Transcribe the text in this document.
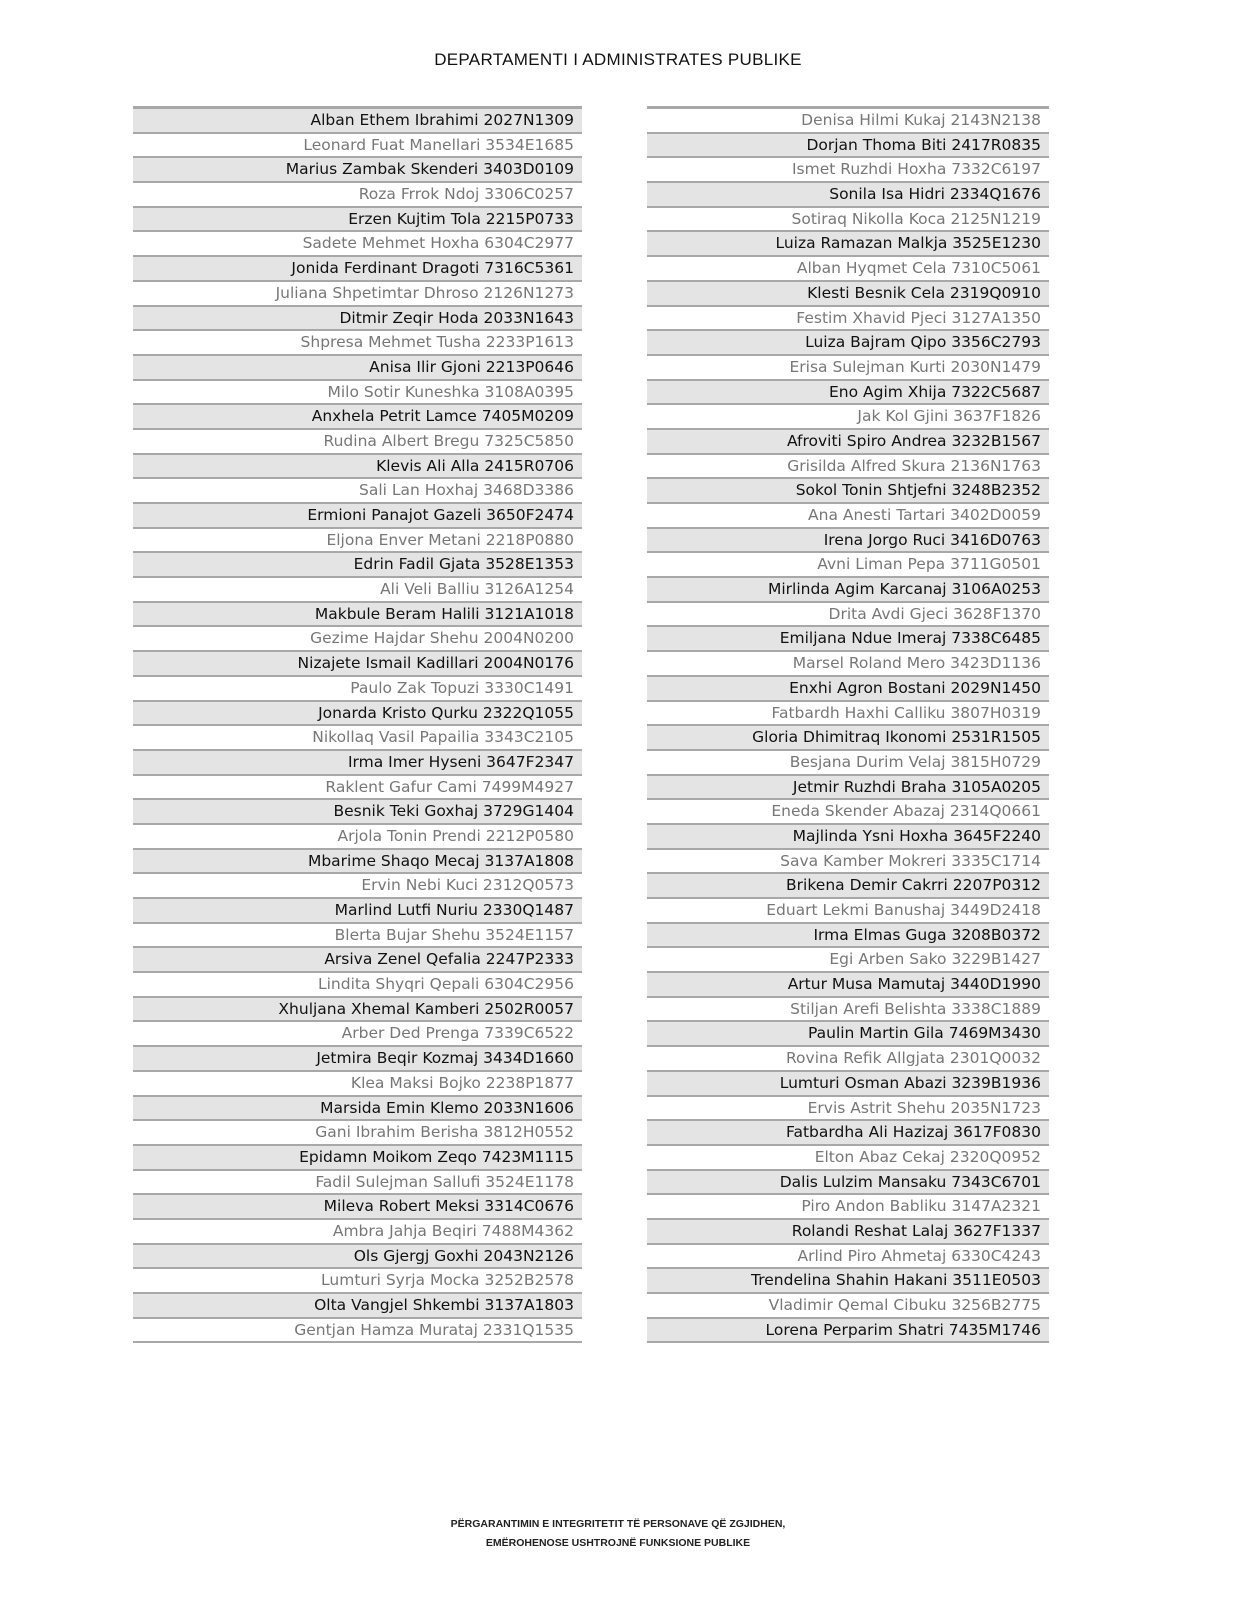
DEPARTAMENTI I ADMINISTRATES PUBLIKE
Alban Ethem Ibrahimi 2027N1309
Leonard Fuat Manellari 3534E1685
Marius Zambak Skenderi 3403D0109
Roza Frrok Ndoj 3306C0257
Erzen Kujtim Tola 2215P0733
Sadete Mehmet Hoxha 6304C2977
Jonida Ferdinant Dragoti 7316C5361
Juliana Shpetimtar Dhroso 2126N1273
Ditmir Zeqir Hoda 2033N1643
Shpresa Mehmet Tusha 2233P1613
Anisa Ilir Gjoni 2213P0646
Milo Sotir Kuneshka 3108A0395
Anxhela Petrit Lamce 7405M0209
Rudina Albert Bregu 7325C5850
Klevis Ali Alla 2415R0706
Sali Lan Hoxhaj 3468D3386
Ermioni Panajot Gazeli 3650F2474
Eljona Enver Metani 2218P0880
Edrin Fadil Gjata 3528E1353
Ali Veli Balliu 3126A1254
Makbule Beram Halili 3121A1018
Gezime Hajdar Shehu 2004N0200
Nizajete Ismail Kadillari 2004N0176
Paulo Zak Topuzi 3330C1491
Jonarda Kristo Qurku 2322Q1055
Nikollaq Vasil Papailia 3343C2105
Irma Imer Hyseni 3647F2347
Raklent Gafur Cami 7499M4927
Besnik Teki Goxhaj 3729G1404
Arjola Tonin Prendi 2212P0580
Mbarime Shaqo Mecaj 3137A1808
Ervin Nebi Kuci 2312Q0573
Marlind Lutfi Nuriu 2330Q1487
Blerta Bujar Shehu 3524E1157
Arsiva Zenel Qefalia 2247P2333
Lindita Shyqri Qepali 6304C2956
Xhuljana Xhemal Kamberi 2502R0057
Arber Ded Prenga 7339C6522
Jetmira Beqir Kozmaj 3434D1660
Klea Maksi Bojko 2238P1877
Marsida Emin Klemo 2033N1606
Gani Ibrahim Berisha 3812H0552
Epidamn Moikom Zeqo 7423M1115
Fadil Sulejman Sallufi 3524E1178
Mileva Robert Meksi 3314C0676
Ambra Jahja Beqiri 7488M4362
Ols Gjergj Goxhi 2043N2126
Lumturi Syrja Mocka 3252B2578
Olta Vangjel Shkembi 3137A1803
Gentjan Hamza Murataj 2331Q1535
Denisa Hilmi Kukaj 2143N2138
Dorjan Thoma Biti 2417R0835
Ismet Ruzhdi Hoxha 7332C6197
Sonila Isa Hidri 2334Q1676
Sotiraq Nikolla Koca 2125N1219
Luiza Ramazan Malkja 3525E1230
Alban Hyqmet Cela 7310C5061
Klesti Besnik Cela 2319Q0910
Festim Xhavid Pjeci 3127A1350
Luiza Bajram Qipo 3356C2793
Erisa Sulejman Kurti 2030N1479
Eno Agim Xhija 7322C5687
Jak Kol Gjini 3637F1826
Afroviti Spiro Andrea 3232B1567
Grisilda Alfred Skura 2136N1763
Sokol Tonin Shtjefni 3248B2352
Ana Anesti Tartari 3402D0059
Irena Jorgo Ruci 3416D0763
Avni Liman Pepa 3711G0501
Mirlinda Agim Karcanaj 3106A0253
Drita Avdi Gjeci 3628F1370
Emiljana Ndue Imeraj 7338C6485
Marsel Roland Mero 3423D1136
Enxhi Agron Bostani 2029N1450
Fatbardh Haxhi Calliku 3807H0319
Gloria Dhimitraq Ikonomi 2531R1505
Besjana Durim Velaj 3815H0729
Jetmir Ruzhdi Braha 3105A0205
Eneda Skender Abazaj 2314Q0661
Majlinda Ysni Hoxha 3645F2240
Sava Kamber Mokreri 3335C1714
Brikena Demir Cakrri 2207P0312
Eduart Lekmi Banushaj 3449D2418
Irma Elmas Guga 3208B0372
Egi Arben Sako 3229B1427
Artur Musa Mamutaj 3440D1990
Stiljan Arefi Belishta 3338C1889
Paulin Martin Gila 7469M3430
Rovina Refik Allgjata 2301Q0032
Lumturi Osman Abazi 3239B1936
Ervis Astrit Shehu 2035N1723
Fatbardha Ali Hazizaj 3617F0830
Elton Abaz Cekaj 2320Q0952
Dalis Lulzim Mansaku 7343C6701
Piro Andon Babliku 3147A2321
Rolandi Reshat Lalaj 3627F1337
Arlind Piro Ahmetaj 6330C4243
Trendelina Shahin Hakani 3511E0503
Vladimir Qemal Cibuku 3256B2775
Lorena Perparim Shatri 7435M1746
PËRGARANTIMIN E INTEGRITETIT TË PERSONAVE QË ZGJIDHEN,
EMËROHENOSE USHTROJNË FUNKSIONE PUBLIKE
